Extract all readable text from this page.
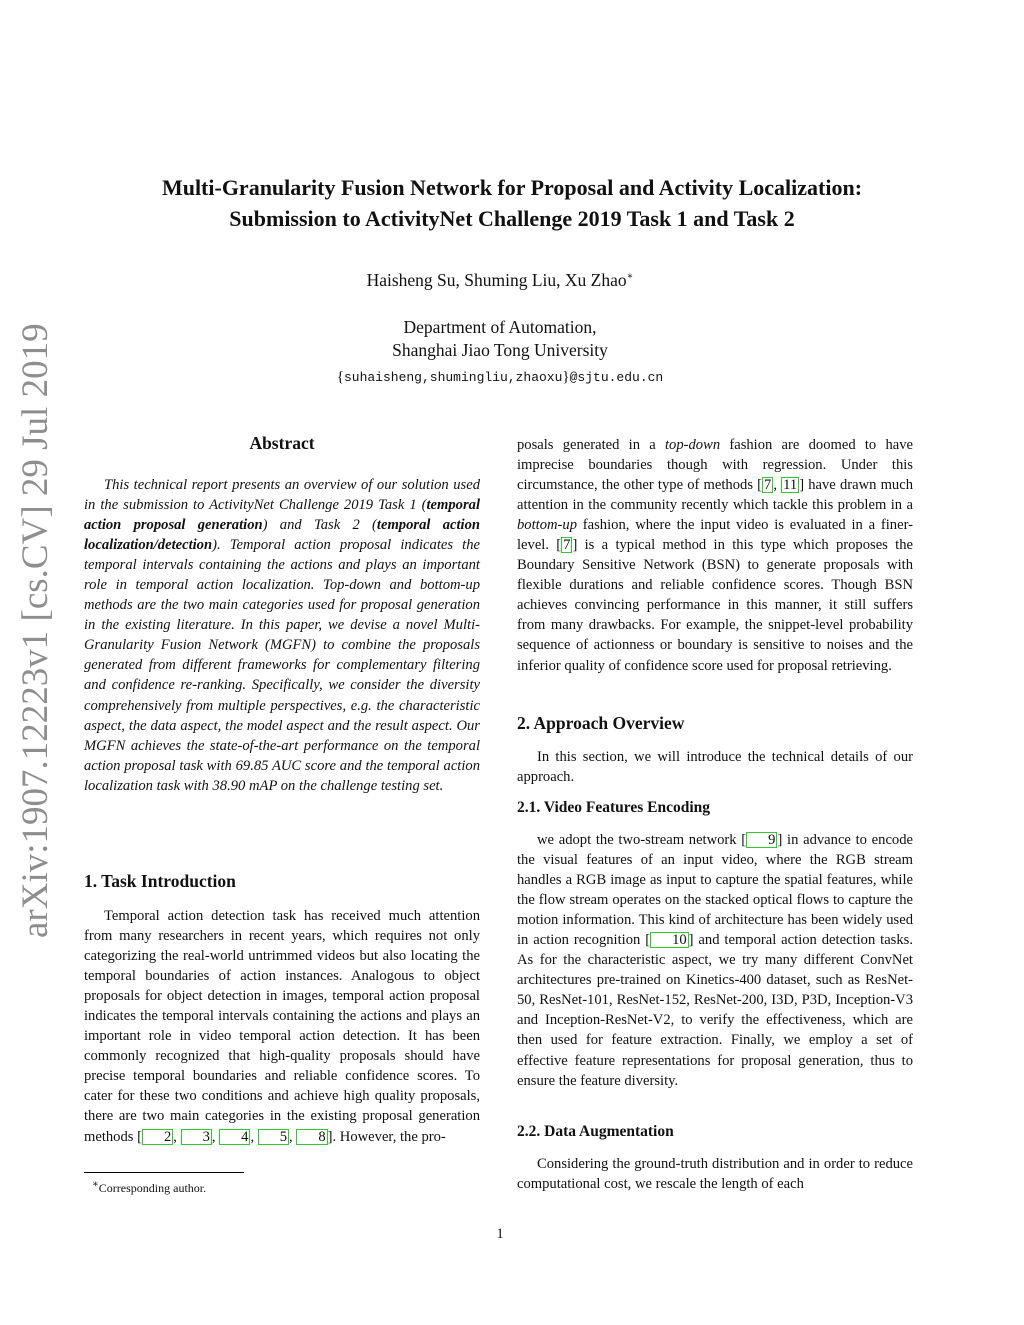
Multi-Granularity Fusion Network for Proposal and Activity Localization:
Submission to ActivityNet Challenge 2019 Task 1 and Task 2
Haisheng Su, Shuming Liu, Xu Zhao∗
Department of Automation,
Shanghai Jiao Tong University
{suhaisheng,shumingliu,zhaoxu}@sjtu.edu.cn
arXiv:1907.12223v1 [cs.CV] 29 Jul 2019	Abstract
This technical report presents an overview of our solution used in the submission to ActivityNet Challenge 2019 Task 1 (temporal action proposal generation) and Task 2 (temporal action localization/detection). Temporal action proposal indicates the temporal intervals containing the actions and plays an important role in temporal action localization. Top-down and bottom-up methods are the two main categories used for proposal generation in the existing literature. In this paper, we devise a novel Multi-Granularity Fusion Network (MGFN) to combine the proposals generated from different frameworks for complementary filtering and confidence re-ranking. Specifically, we consider the diversity comprehensively from multiple perspectives, e.g. the characteristic aspect, the data aspect, the model aspect and the result aspect. Our MGFN achieves the state-of-the-art performance on the temporal action proposal task with 69.85 AUC score and the temporal action localization task with 38.90 mAP on the challenge testing set.
1. Task Introduction
Temporal action detection task has received much attention from many researchers in recent years, which requires not only categorizing the real-world untrimmed videos but also locating the temporal boundaries of action instances. Analogous to object proposals for object detection in images, temporal action proposal indicates the temporal intervals containing the actions and plays an important role in video temporal action detection. It has been commonly recognized that high-quality proposals should have precise temporal boundaries and reliable confidence scores. To cater for these two conditions and achieve high quality proposals, there are two main categories in the existing proposal generation methods [ 2 , 3 , 4 , 5 , 8 ]. However, the pro-
posals generated in a top-down fashion are doomed to have imprecise boundaries though with regression. Under this circumstance, the other type of methods [ 7 , 11 ] have drawn much attention in the community recently which tackle this problem in a bottom-up fashion, where the input video is evaluated in a finer-level. [ 7 ] is a typical method in this type which proposes the Boundary Sensitive Network (BSN) to generate proposals with flexible durations and reliable confidence scores. Though BSN achieves convincing performance in this manner, it still suffers from many drawbacks. For example, the snippet-level probability sequence of actionness or boundary is sensitive to noises and the inferior quality of confidence score used for proposal retrieving.
2. Approach Overview
In this section, we will introduce the technical details of our approach.
2.1. Video Features Encoding
we adopt the two-stream network [ 9 ] in advance to encode the visual features of an input video, where the RGB stream handles a RGB image as input to capture the spatial features, while the flow stream operates on the stacked optical flows to capture the motion information. This kind of architecture has been widely used in action recognition [ 10 ] and temporal action detection tasks. As for the characteristic aspect, we try many different ConvNet architectures pre-trained on Kinetics-400 dataset, such as ResNet-50, ResNet-101, ResNet-152, ResNet-200, I3D, P3D, Inception-V3 and Inception-ResNet-V2, to verify the effectiveness, which are then used for feature extraction. Finally, we employ a set of effective feature representations for proposal generation, thus to ensure the feature diversity.
2.2. Data Augmentation
Considering the ground-truth distribution and in order to reduce computational cost, we rescale the length of each
∗Corresponding author.
1
